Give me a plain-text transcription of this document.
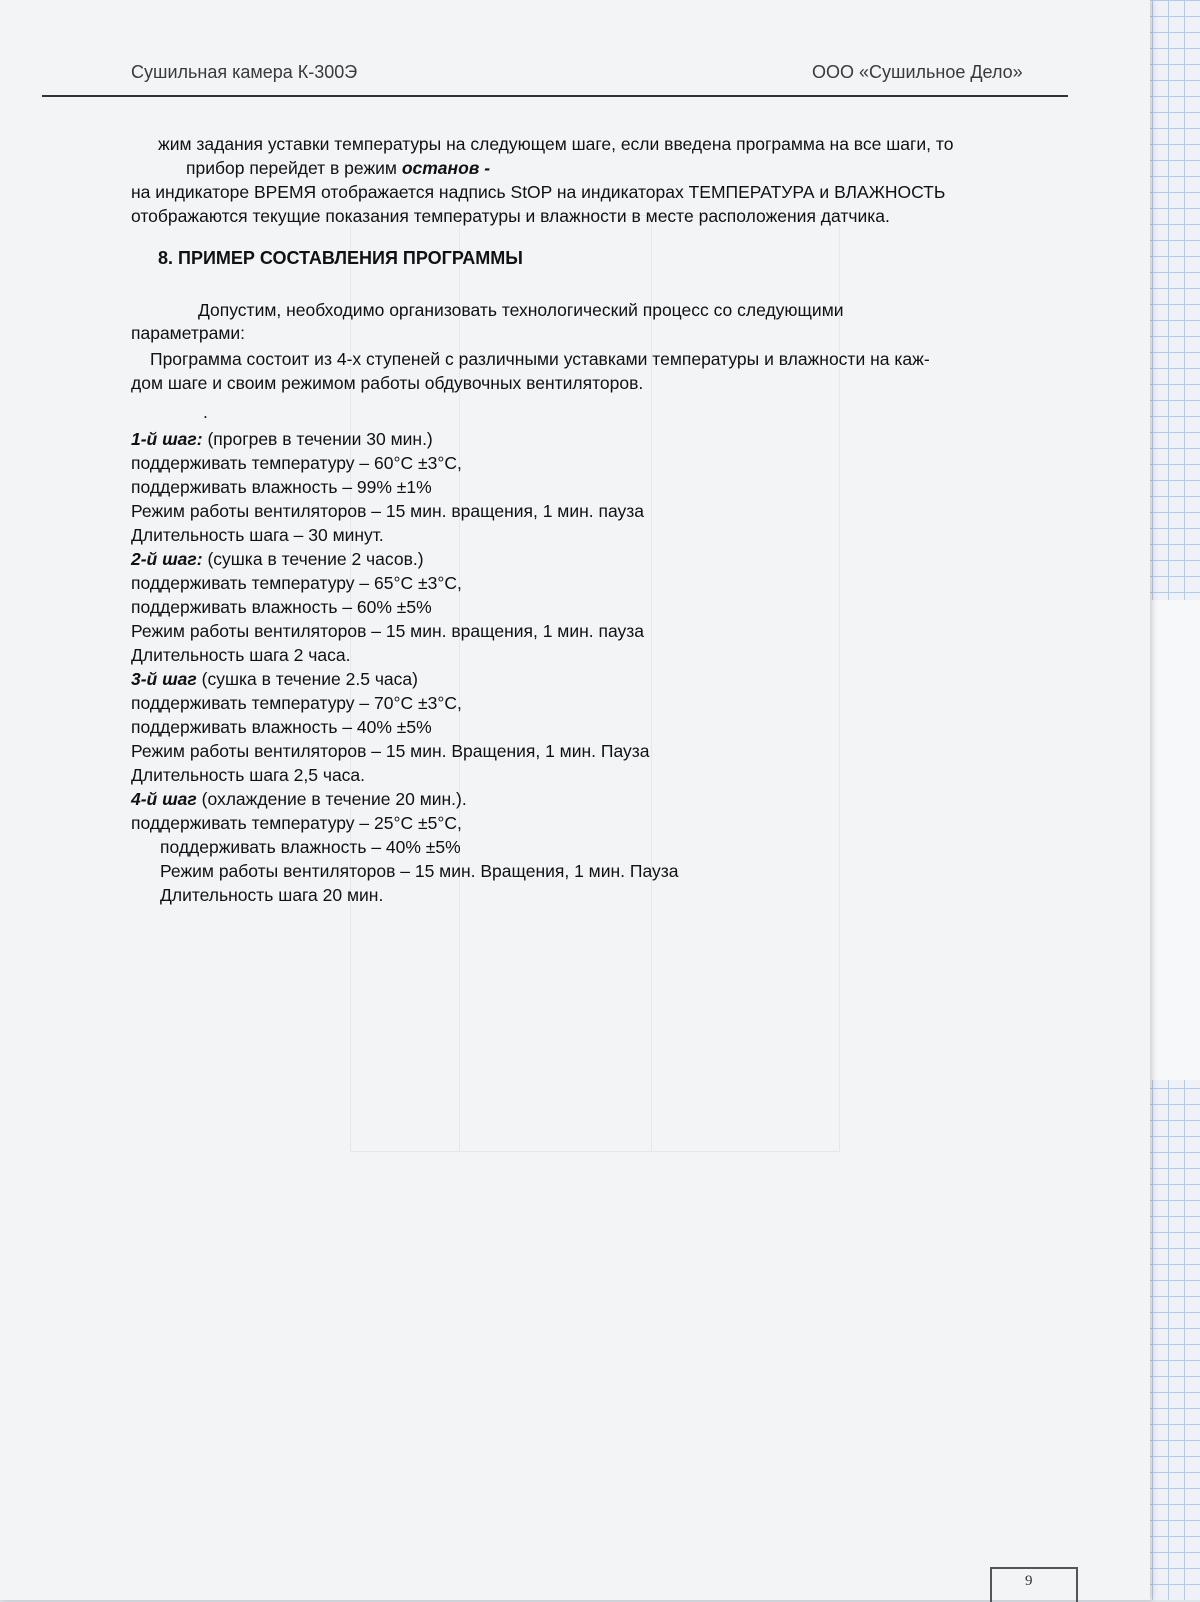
Сушильная камера К-300Э	ООО «Сушильное Дело»
жим задания уставки температуры на следующем шаге, если введена программа на все шаги, то
прибор перейдет в режим останов -
на индикаторе ВРЕМЯ отображается надпись StOP на индикаторах ТЕМПЕРАТУРА и ВЛАЖНОСТЬ
отображаются текущие показания температуры и влажности в месте расположения датчика.
8. ПРИМЕР СОСТАВЛЕНИЯ ПРОГРАММЫ
Допустим, необходимо организовать технологический процесс со следующими
параметрами:
Программа состоит из 4-х ступеней с различными уставками температуры и влажности на каж-
дом шаге и своим режимом работы обдувочных вентиляторов.
.
1-й шаг: (прогрев в течении 30 мин.)
поддерживать температуру – 60°С ±3°С,
поддерживать влажность – 99% ±1%
Режим работы вентиляторов – 15 мин. вращения, 1 мин. пауза
Длительность шага – 30 минут.
2-й шаг: (сушка в течение 2 часов.)
поддерживать температуру – 65°С ±3°С,
поддерживать влажность – 60% ±5%
Режим работы вентиляторов – 15 мин. вращения, 1 мин. пауза
Длительность шага 2 часа.
3-й шаг (сушка в течение 2.5 часа)
поддерживать температуру – 70°С ±3°С,
поддерживать влажность – 40% ±5%
Режим работы вентиляторов – 15 мин. Вращения, 1 мин. Пауза
Длительность шага 2,5 часа.
4-й шаг (охлаждение в течение 20 мин.).
поддерживать температуру – 25°С ±5°С,
поддерживать влажность – 40% ±5%
Режим работы вентиляторов – 15 мин. Вращения, 1 мин. Пауза
Длительность шага 20 мин.
9
